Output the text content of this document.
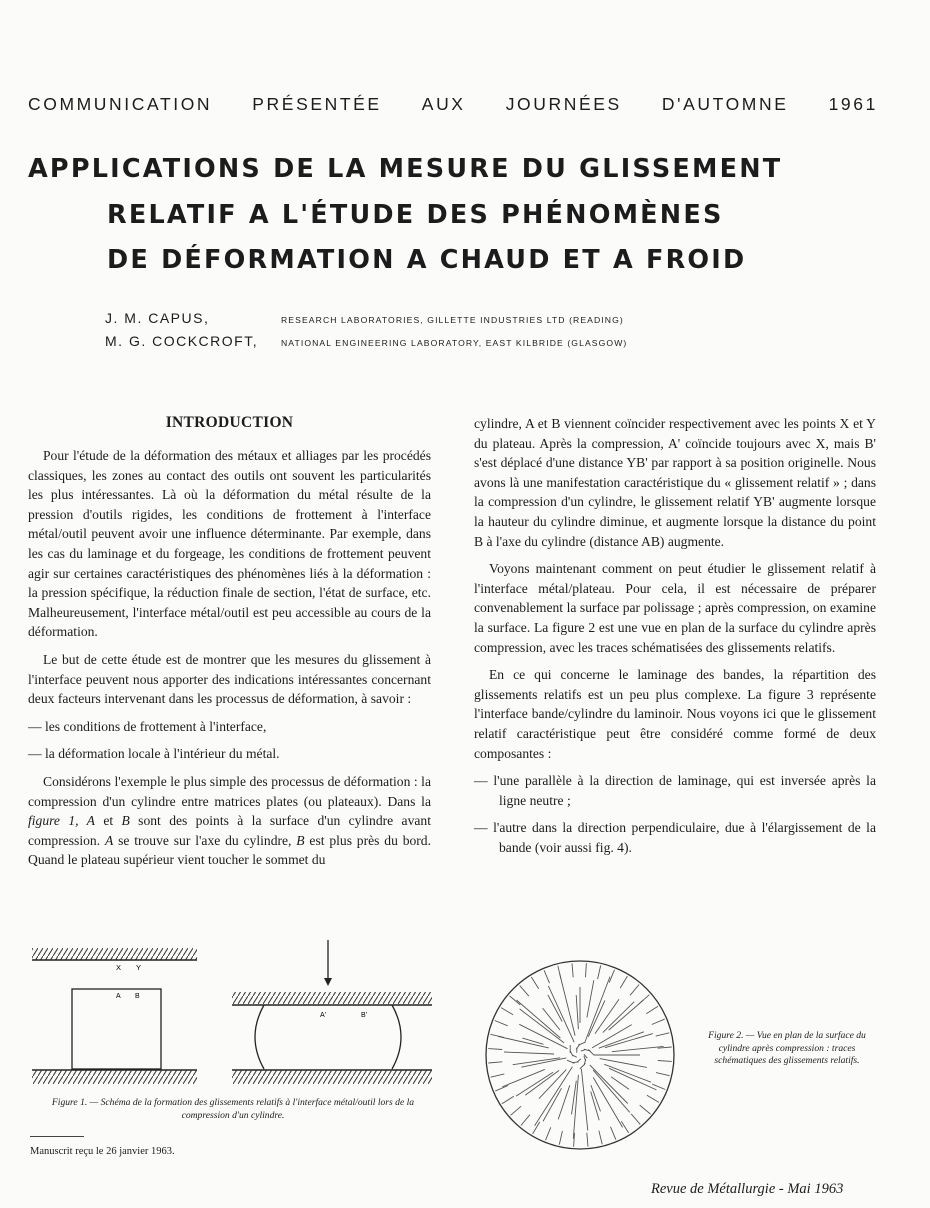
COMMUNICATION PRÉSENTÉE AUX JOURNÉES D'AUTOMNE 1961
APPLICATIONS DE LA MESURE DU GLISSEMENT
RELATIF A L'ÉTUDE DES PHÉNOMÈNES
DE DÉFORMATION A CHAUD ET A FROID
J. M. CAPUS,	RESEARCH LABORATORIES, GILLETTE INDUSTRIES LTD (READING)
M. G. COCKCROFT,	NATIONAL ENGINEERING LABORATORY, EAST KILBRIDE (GLASGOW)
INTRODUCTION

Pour l'étude de la déformation des métaux et alliages par les procédés classiques, les zones au contact des outils ont souvent les particularités les plus intéressantes. Là où la déformation du métal résulte de la pression d'outils rigides, les conditions de frottement à l'interface métal/outil peuvent avoir une influence déterminante. Par exemple, dans les cas du laminage et du forgeage, les conditions de frottement peuvent agir sur certaines caractéristiques des phénomènes liés à la déformation : la pression spécifique, la réduction finale de section, l'état de surface, etc. Malheureusement, l'interface métal/outil est peu accessible au cours de la déformation.

Le but de cette étude est de montrer que les mesures du glissement à l'interface peuvent nous apporter des indications intéressantes concernant deux facteurs intervenant dans les processus de déformation, à savoir :

— les conditions de frottement à l'interface,

— la déformation locale à l'intérieur du métal.

Considérons l'exemple le plus simple des processus de déformation : la compression d'un cylindre entre matrices plates (ou plateaux). Dans la figure 1, A et B sont des points à la surface d'un cylindre avant compression. A se trouve sur l'axe du cylindre, B est plus près du bord. Quand le plateau supérieur vient toucher le sommet du

cylindre, A et B viennent coïncider respectivement avec les points X et Y du plateau. Après la compression, A' coïncide toujours avec X, mais B' s'est déplacé d'une distance YB' par rapport à sa position originelle. Nous avons là une manifestation caractéristique du « glissement relatif » ; dans la compression d'un cylindre, le glissement relatif YB' augmente lorsque la hauteur du cylindre diminue, et augmente lorsque la distance du point B à l'axe du cylindre (distance AB) augmente.

Voyons maintenant comment on peut étudier le glissement relatif à l'interface métal/plateau. Pour cela, il est nécessaire de préparer convenablement la surface par polissage ; après compression, on examine la surface. La figure 2 est une vue en plan de la surface du cylindre après compression, avec les traces schématisées des glissements relatifs.

En ce qui concerne le laminage des bandes, la répartition des glissements relatifs est un peu plus complexe. La figure 3 représente l'interface bande/cylindre du laminoir. Nous voyons ici que le glissement relatif caractéristique peut être considéré comme formé de deux composantes :

— l'une parallèle à la direction de laminage, qui est inversée après la ligne neutre ;

— l'autre dans la direction perpendiculaire, due à l'élargissement de la bande (voir aussi fig. 4).

X Y
A B
A'	B'
Figure 1. — Schéma de la formation des glissements relatifs à l'interface métal/outil lors de la compression d'un cylindre.
Figure 2. — Vue en plan de la surface du cylindre après compression : traces schématiques des glissements relatifs.
Manuscrit reçu le 26 janvier 1963.
Revue de Métallurgie - Mai 1963
